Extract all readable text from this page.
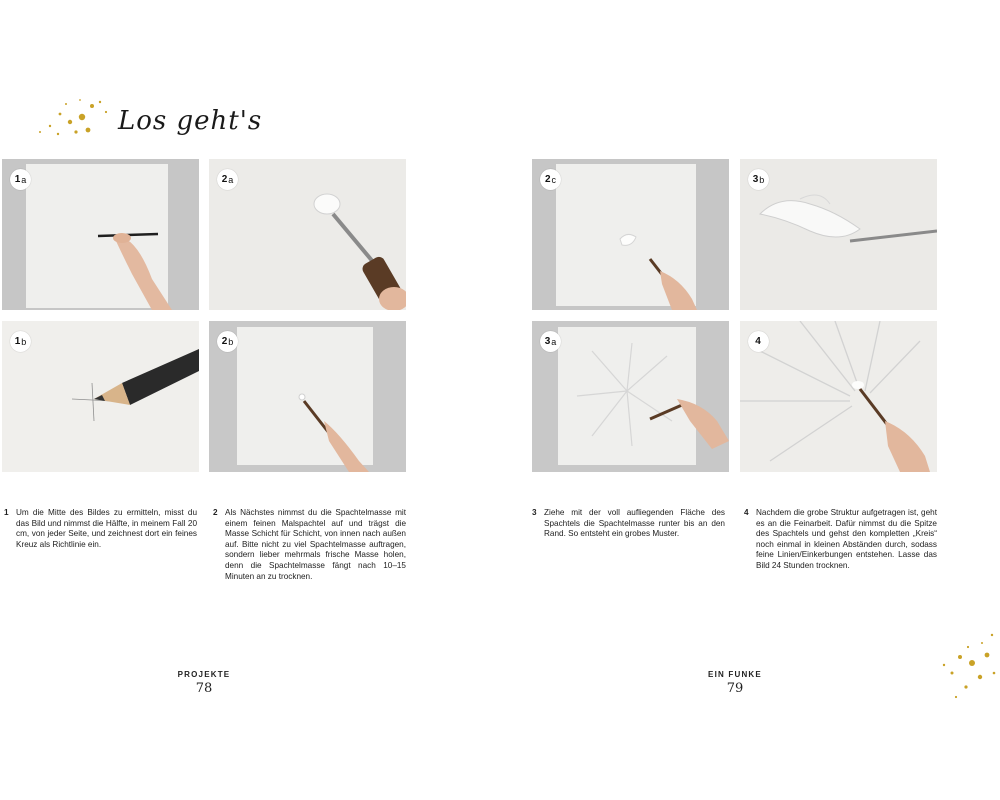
Los geht's
1 a	2 a
1 b	2 b
1 Um die Mitte des Bildes zu ermitteln, misst du das Bild und nimmst die Hälfte, in meinem Fall 20 cm, von jeder Seite, und zeichnest dort ein feines Kreuz als Richtlinie ein.
2 Als Nächstes nimmst du die Spachtelmasse mit einem feinen Malspachtel auf und trägst die Masse Schicht für Schicht, von innen nach außen auf. Bitte nicht zu viel Spachtelmasse auftragen, sondern lieber mehrmals frische Masse holen, denn die Spachtelmasse fängt nach 10–15 Minuten an zu trocknen.
PROJEKTE
78
2 c	3 b
3 a	4
3 Ziehe mit der voll aufliegenden Fläche des Spachtels die Spachtelmasse runter bis an den Rand. So entsteht ein grobes Muster.
4 Nachdem die grobe Struktur aufgetragen ist, geht es an die Feinarbeit. Dafür nimmst du die Spitze des Spachtels und gehst den kompletten „Kreis“ noch einmal in kleinen Abständen durch, sodass feine Linien/Einkerbungen entstehen. Lasse das Bild 24 Stunden trocknen.
EIN FUNKE
79
